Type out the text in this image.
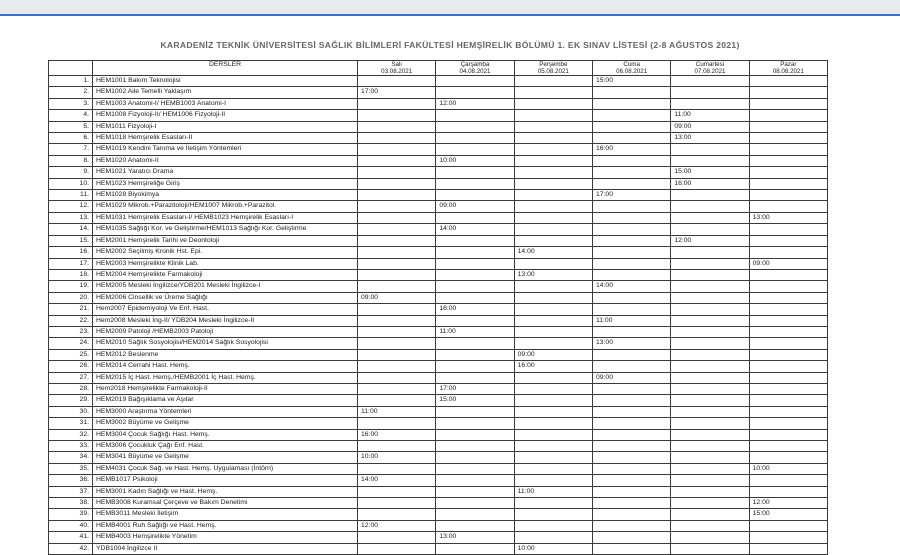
KARADENİZ TEKNİK ÜNİVERSİTESİ SAĞLIK BİLİMLERİ FAKÜLTESİ HEMŞİRELİK BÖLÜMÜ 1. EK SINAV LİSTESİ (2-8 AĞUSTOS 2021)
	DERSLER	Salı	Çarşamba	Perşembe	Cuma	Cumartesi	Pazar
		03.08.2021	04.08.2021	05.08.2021	06.08.2021	07.08.2021	08.08.2021
1.	HEM1001 Bakım Teknolojisi				15:00		
2.	HEM1002 Aile Temelli Yaklaşım	17:00					
3.	HEM1003 Anatomi-I/ HEMB1003 Anatomi-I		12:00				
4.	HEM1008 Fizyoloji-II/ HEM1006 Fizyoloji-II					11:00	
5.	HEM1011 Fizyoloji-I					09:00	
6.	HEM1018 Hemşirelik Esasları-II					13:00	
7.	HEM1019 Kendini Tanıma ve İletişim Yöntemleri				16:00		
8.	HEM1020 Anatomi-II		10:00				
9.	HEM1021 Yaratıcı Drama					15:00	
10.	HEM1023 Hemşireliğe Giriş					16:00	
11.	HEM1028 Biyokimya				17:00		
12.	HEM1029 Mikrob.+Parazitoloji/HEM1007 Mikrob.+Parazitol.		09:00				
13.	HEM1031 Hemşirelik Esasları-I/ HEMB1023 Hemşirelik Esasları-I						13:00
14.	HEM1035 Sağlığı Kor. ve Geliştirme/HEM1013 Sağlığı Kor. Geliştirme		14:00				
15.	HEM2001 Hemşirelik Tarihi ve Deontoloji					12:00	
16.	HEM2002 Seçilmiş Kronik Hst. Epi.			14:00			
17.	HEM2003 Hemşirelikte Klinik Lab.						09:00
18.	HEM2004 Hemşirelikte Farmakoloji			13:00			
19.	HEM2005 Mesleki İngilizce/YDB201 Mesleki İngilizce-I				14:00		
20.	HEM2006 Cinsellik ve Üreme Sağlığı	09:00					
21.	Hem2007 Epidemiyoloji Ve Enf. Hast.		16:00				
22.	Hem2008 Mesleki İng-II/ YDB204 Mesleki İngilizce-II				11:00		
23.	HEM2009 Patoloji /HEMB2003 Patoloji		11:00				
24.	HEM2010 Sağlık Sosyolojisi/HEM2014 Sağlık Sosyolojisi				13:00		
25.	HEM2012 Beslenme			09:00			
26.	HEM2014 Cerrahi Hast. Hemş.			16:00			
27.	HEM2015 İç Hast. Hemş./HEMB2001 İç Hast. Hemş.				09:00		
28.	Hem2018 Hemşirelikte Farmakoloji-II		17:00				
29.	HEM2019 Bağışıklama ve Aşılar		15:00				
30.	HEM3000 Araştırma Yöntemleri	11:00					
31.	HEM3002 Büyüme ve Gelişme						
32.	HEM3004 Çocuk Sağlığı Hast. Hemş.	16:00					
33.	HEM3006 Çocukluk Çağı Enf. Hast.						
34.	HEM3041 Büyüme ve Gelişme	10:00					
35.	HEM4031 Çocuk Sağ. ve Hast. Hemş. Uygulaması (İntörn)						10:00
36.	HEMB1017 Psikoloji	14:00					
37.	HEM3001 Kadın Sağlığı ve Hast. Hemş.			11:00			
38.	HEMB3008 Kuramsal Çerçeve ve Bakım Denetimi						12:00
39.	HEMB3011 Mesleki İletişim						15:00
40.	HEMB4001 Ruh Sağlığı ve Hast. Hemş.	12:00					
41.	HEMB4003 Hemşirelikte Yönetim		13:00				
42.	YDB1004 İngilizce II			10:00			
